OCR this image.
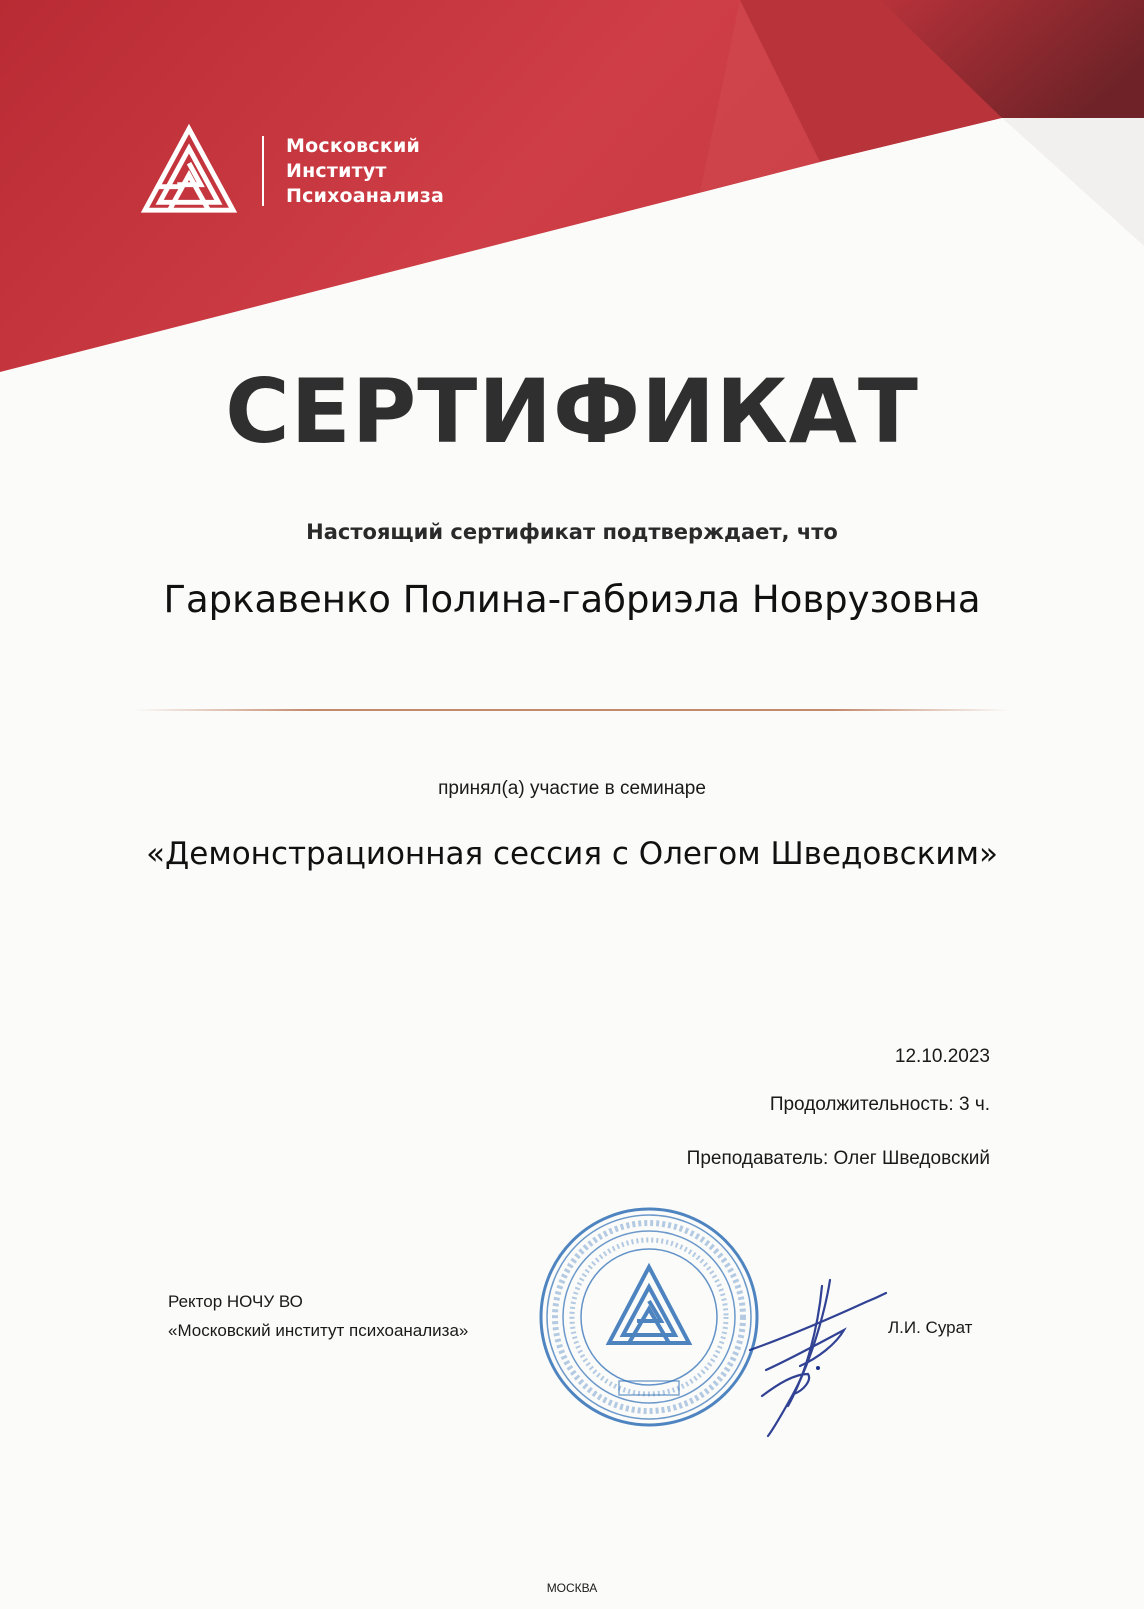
Московский
Институт
Психоанализа
СЕРТИФИКАТ
Настоящий сертификат подтверждает, что
Гаркавенко Полина-габриэла Новрузовна
принял(а) участие в семинаре
«Демонстрационная сессия с Олегом Шведовским»
12.10.2023
Продолжительность: 3 ч.
Преподаватель: Олег Шведовский
Ректор НОЧУ ВО
«Московский институт психоанализа»	Л.И. Сурат
МОСКВА
